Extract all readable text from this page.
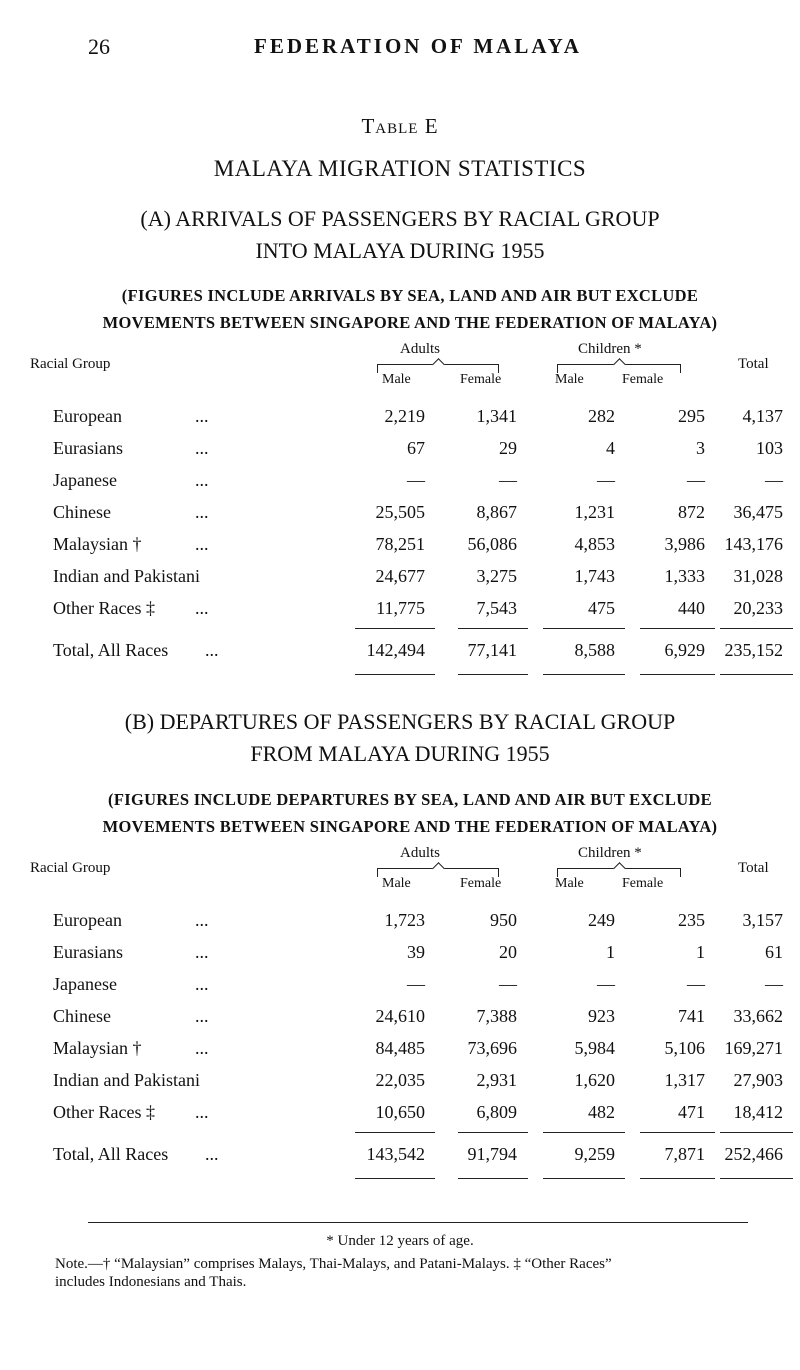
26	FEDERATION OF MALAYA
Table E
MALAYA MIGRATION STATISTICS
(A) ARRIVALS OF PASSENGERS BY RACIAL GROUP
INTO MALAYA DURING 1955
(FIGURES INCLUDE ARRIVALS BY SEA, LAND AND AIR BUT EXCLUDE
MOVEMENTS BETWEEN SINGAPORE AND THE FEDERATION OF MALAYA)
Racial Group
Adults	Children *
Total
Male	Female	Male	Female
European	...	2,219	1,341	282	295 4,137
Eurasians	...	67	29	4	3	103
Japanese	...	—	—	—	—	—
Chinese	...	25,505	8,867	1,231	872 36,475
Malaysian †	...	78,251 56,086	4,853	3,986 143,176
Indian and Pakistani	24,677	3,275	1,743	1,333 31,028
Other Races ‡ ...	11,775	7,543	475	440 20,233
Total, All Races ...	142,494 77,141	8,588	6,929 235,152
(B) DEPARTURES OF PASSENGERS BY RACIAL GROUP
FROM MALAYA DURING 1955
(FIGURES INCLUDE DEPARTURES BY SEA, LAND AND AIR BUT EXCLUDE
MOVEMENTS BETWEEN SINGAPORE AND THE FEDERATION OF MALAYA)
Racial Group
Adults	Children *
Total
Male	Female	Male	Female
European	...	1,723	950	249	235 3,157
Eurasians	...	39	20	1	1	61
Japanese	...	—	—	—	—	—
Chinese	...	24,610	7,388	923	741 33,662
Malaysian †	...	84,485 73,696	5,984	5,106 169,271
Indian and Pakistani	22,035	2,931	1,620	1,317 27,903
Other Races ‡ ...	10,650	6,809	482	471 18,412
Total, All Races ...	143,542 91,794	9,259	7,871 252,466
* Under 12 years of age.
Note.—† “Malaysian” comprises Malays, Thai-Malays, and Patani-Malays. ‡ “Other Races”
includes Indonesians and Thais.
